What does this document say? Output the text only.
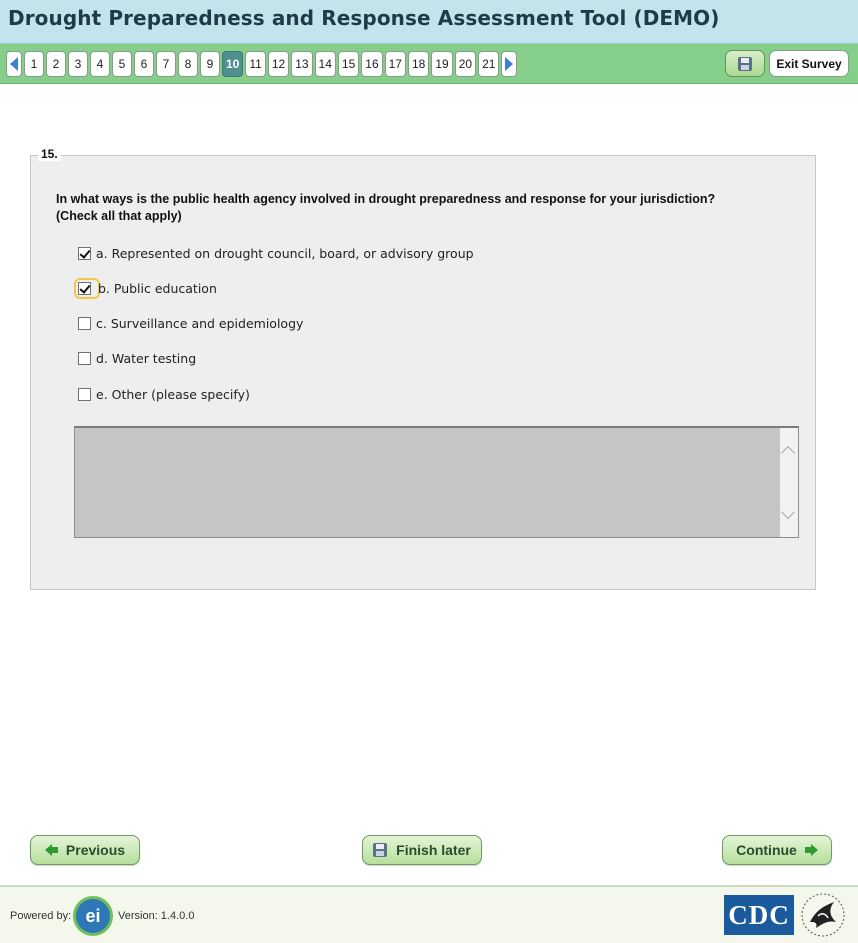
Drought Preparedness and Response Assessment Tool (DEMO)
1	2	3	4	5	6	7	8	9	10 11 12 13 14 15 16 17 18 19 20 21	Exit Survey
15.
In what ways is the public health agency involved in drought preparedness and response for your jurisdiction?
(Check all that apply)
a. Represented on drought council, board, or advisory group
b. Public education
c. Surveillance and epidemiology
d. Water testing
e. Other (please specify)
Previous	Finish later	Continue
Powered by: ei	Version: 1.4.0.0	CDC
